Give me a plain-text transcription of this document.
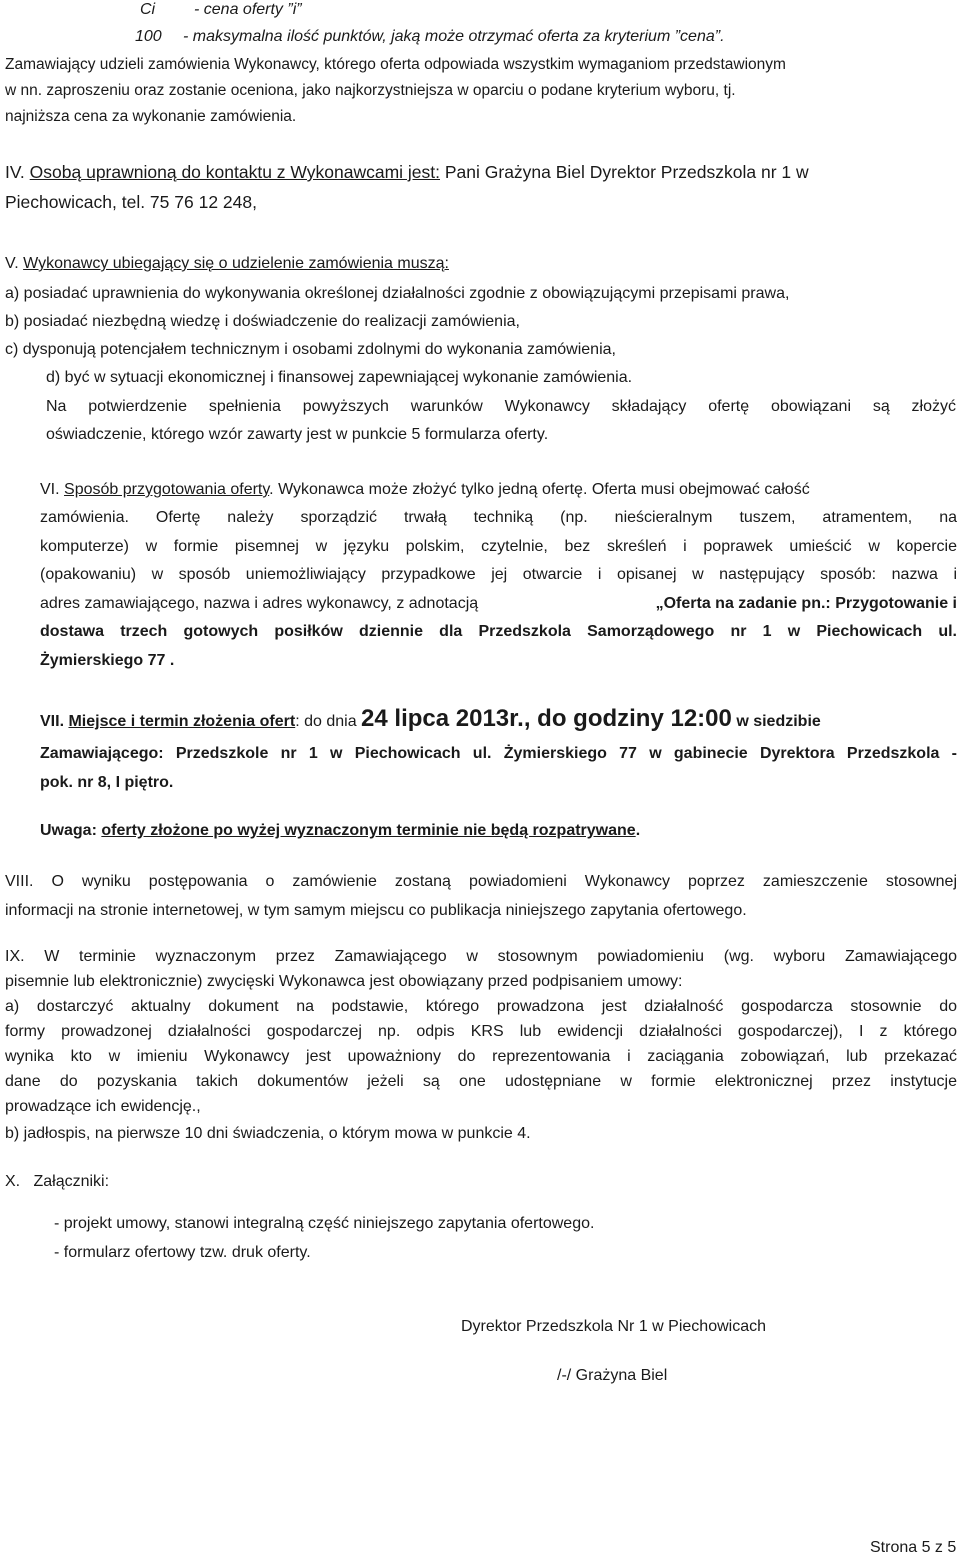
Ci - cena oferty ”i”
100 - maksymalna ilość punktów, jaką może otrzymać oferta za kryterium ”cena”.
Zamawiający udzieli zamówienia Wykonawcy, którego oferta odpowiada wszystkim wymaganiom przedstawionym
w nn. zaproszeniu oraz zostanie oceniona, jako najkorzystniejsza w oparciu o podane kryterium wyboru, tj.
najniższa cena za wykonanie zamówienia.
IV. Osobą uprawnioną do kontaktu z Wykonawcami jest: Pani Grażyna Biel Dyrektor Przedszkola nr 1 w
Piechowicach, tel. 75 76 12 248,
V. Wykonawcy ubiegający się o udzielenie zamówienia muszą:
a) posiadać uprawnienia do wykonywania określonej działalności zgodnie z obowiązującymi przepisami prawa,
b) posiadać niezbędną wiedzę i doświadczenie do realizacji zamówienia,
c) dysponują potencjałem technicznym i osobami zdolnymi do wykonania zamówienia,
d) być w sytuacji ekonomicznej i finansowej zapewniającej wykonanie zamówienia.
Na potwierdzenie spełnienia powyższych warunków Wykonawcy składający ofertę obowiązani są złożyć
oświadczenie, którego wzór zawarty jest w punkcie 5 formularza oferty.
VI. Sposób przygotowania oferty. Wykonawca może złożyć tylko jedną ofertę. Oferta musi obejmować całość
zamówienia. Ofertę należy sporządzić trwałą techniką (np. nieścieralnym tuszem, atramentem, na
komputerze) w formie pisemnej w języku polskim, czytelnie, bez skreśleń i poprawek umieścić w kopercie
(opakowaniu) w sposób uniemożliwiający przypadkowe jej otwarcie i opisanej w następujący sposób: nazwa i
adres zamawiającego, nazwa i adres wykonawcy, z adnotacją	„Oferta na zadanie pn.: Przygotowanie i
dostawa trzech gotowych posiłków dziennie dla Przedszkola Samorządowego nr 1 w Piechowicach ul.
Żymierskiego 77 .
VII. Miejsce i termin złożenia ofert: do dnia 24 lipca 2013r., do godziny 12:00 w siedzibie
Zamawiającego: Przedszkole nr 1 w Piechowicach ul. Żymierskiego 77 w gabinecie Dyrektora Przedszkola -
pok. nr 8, I piętro.
Uwaga: oferty złożone po wyżej wyznaczonym terminie nie będą rozpatrywane.
VIII. O wyniku postępowania o zamówienie zostaną powiadomieni Wykonawcy poprzez zamieszczenie stosownej
informacji na stronie internetowej, w tym samym miejscu co publikacja niniejszego zapytania ofertowego.
IX. W terminie wyznaczonym przez Zamawiającego w stosownym powiadomieniu (wg. wyboru Zamawiającego
pisemnie lub elektronicznie) zwycięski Wykonawca jest obowiązany przed podpisaniem umowy:
a) dostarczyć aktualny dokument na podstawie, którego prowadzona jest działalność gospodarcza stosownie do
formy prowadzonej działalności gospodarczej np. odpis KRS lub ewidencji działalności gospodarczej), I z którego
wynika kto w imieniu Wykonawcy jest upoważniony do reprezentowania i zaciągania zobowiązań, lub przekazać
dane do pozyskania takich dokumentów jeżeli są one udostępniane w formie elektronicznej przez instytucje
prowadzące ich ewidencję.,
b) jadłospis, na pierwsze 10 dni świadczenia, o którym mowa w punkcie 4.
X. Załączniki:
- projekt umowy, stanowi integralną część niniejszego zapytania ofertowego.
- formularz ofertowy tzw. druk oferty.
Dyrektor Przedszkola Nr 1 w Piechowicach
/-/ Grażyna Biel
Strona 5 z 5
